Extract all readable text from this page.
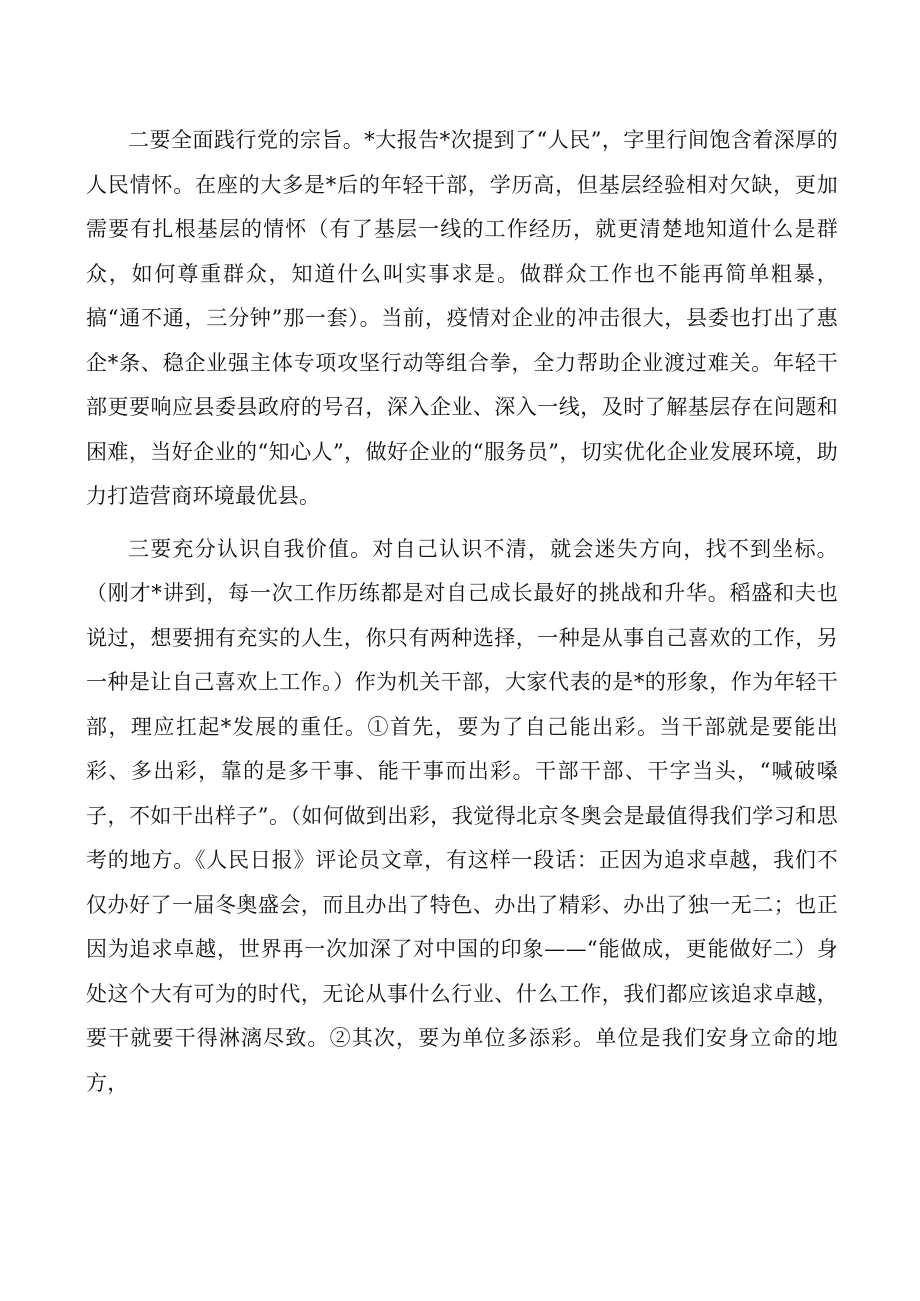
二要全面践行党的宗旨。*大报告*次提到了“人民”，字里行间饱含着深厚的人民情怀。在座的大多是*后的年轻干部，学历高，但基层经验相对欠缺，更加需要有扎根基层的情怀（有了基层一线的工作经历，就更清楚地知道什么是群众，如何尊重群众，知道什么叫实事求是。做群众工作也不能再简单粗暴，搞“通不通，三分钟”那一套）。当前，疫情对企业的冲击很大，县委也打出了惠企*条、稳企业强主体专项攻坚行动等组合拳，全力帮助企业渡过难关。年轻干部更要响应县委县政府的号召，深入企业、深入一线，及时了解基层存在问题和困难，当好企业的“知心人”，做好企业的“服务员”，切实优化企业发展环境，助力打造营商环境最优县。

三要充分认识自我价值。对自己认识不清，就会迷失方向，找不到坐标。（刚才*讲到，每一次工作历练都是对自己成长最好的挑战和升华。稻盛和夫也说过，想要拥有充实的人生，你只有两种选择，一种是从事自己喜欢的工作，另一种是让自己喜欢上工作。）作为机关干部，大家代表的是*的形象，作为年轻干部，理应扛起*发展的重任。①首先，要为了自己能出彩。当干部就是要能出彩、多出彩，靠的是多干事、能干事而出彩。干部干部、干字当头，“喊破嗓子，不如干出样子”。（如何做到出彩，我觉得北京冬奥会是最值得我们学习和思考的地方。《人民日报》评论员文章，有这样一段话：正因为追求卓越，我们不仅办好了一届冬奥盛会，而且办出了特色、办出了精彩、办出了独一无二；也正因为追求卓越，世界再一次加深了对中国的印象——“能做成，更能做好二）身处这个大有可为的时代，无论从事什么行业、什么工作，我们都应该追求卓越，要干就要干得淋漓尽致。②其次，要为单位多添彩。单位是我们安身立命的地方，
